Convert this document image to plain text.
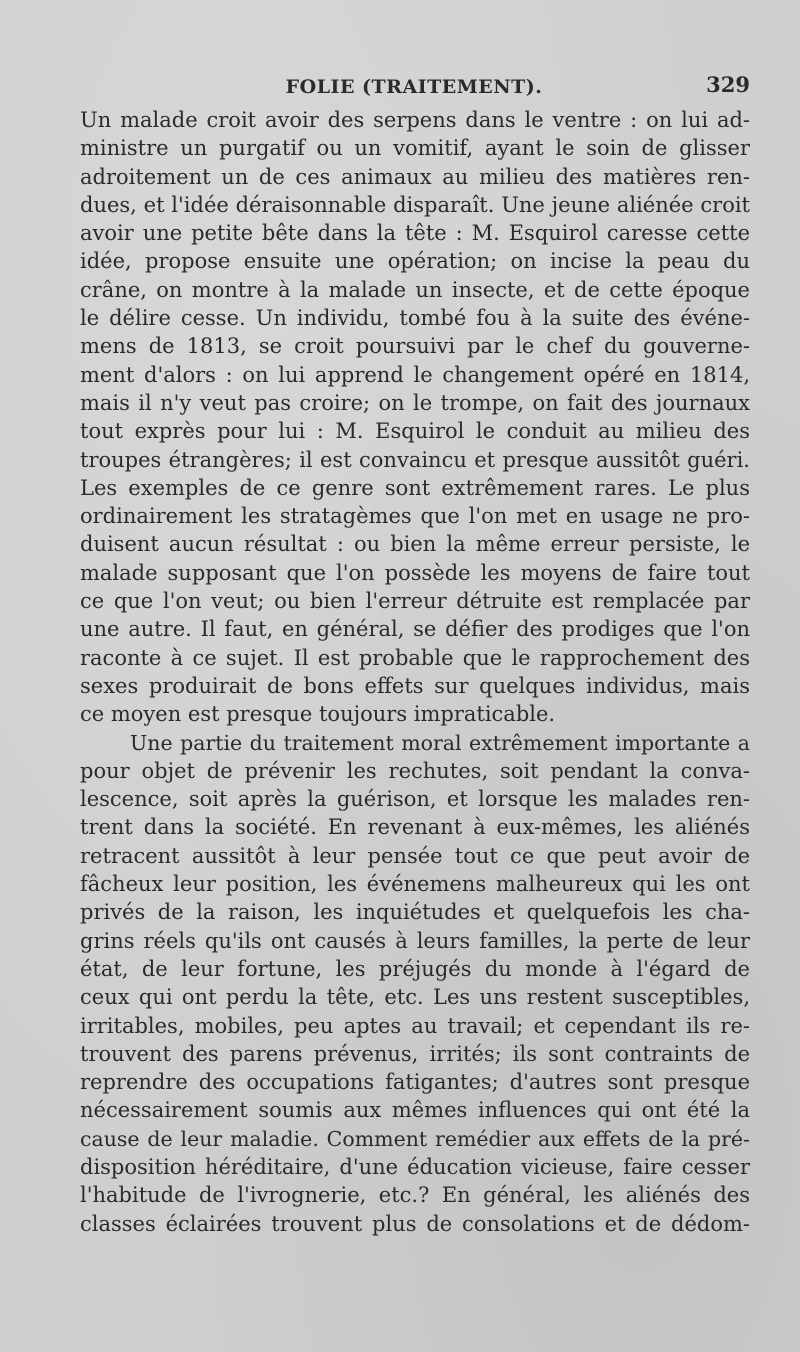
FOLIE (TRAITEMENT).	329
Un malade croit avoir des serpens dans le ventre : on lui ad-
ministre un purgatif ou un vomitif, ayant le soin de glisser
adroitement un de ces animaux au milieu des matières ren-
dues, et l'idée déraisonnable disparaît. Une jeune aliénée croit
avoir une petite bête dans la tête : M. Esquirol caresse cette
idée, propose ensuite une opération; on incise la peau du
crâne, on montre à la malade un insecte, et de cette époque
le délire cesse. Un individu, tombé fou à la suite des événe-
mens de 1813, se croit poursuivi par le chef du gouverne-
ment d'alors : on lui apprend le changement opéré en 1814,
mais il n'y veut pas croire; on le trompe, on fait des journaux
tout exprès pour lui : M. Esquirol le conduit au milieu des
troupes étrangères; il est convaincu et presque aussitôt guéri.
Les exemples de ce genre sont extrêmement rares. Le plus
ordinairement les stratagèmes que l'on met en usage ne pro-
duisent aucun résultat : ou bien la même erreur persiste, le
malade supposant que l'on possède les moyens de faire tout
ce que l'on veut; ou bien l'erreur détruite est remplacée par
une autre. Il faut, en général, se défier des prodiges que l'on
raconte à ce sujet. Il est probable que le rapprochement des
sexes produirait de bons effets sur quelques individus, mais
ce moyen est presque toujours impraticable.
Une partie du traitement moral extrêmement importante a
pour objet de prévenir les rechutes, soit pendant la conva-
lescence, soit après la guérison, et lorsque les malades ren-
trent dans la société. En revenant à eux-mêmes, les aliénés
retracent aussitôt à leur pensée tout ce que peut avoir de
fâcheux leur position, les événemens malheureux qui les ont
privés de la raison, les inquiétudes et quelquefois les cha-
grins réels qu'ils ont causés à leurs familles, la perte de leur
état, de leur fortune, les préjugés du monde à l'égard de
ceux qui ont perdu la tête, etc. Les uns restent susceptibles,
irritables, mobiles, peu aptes au travail; et cependant ils re-
trouvent des parens prévenus, irrités; ils sont contraints de
reprendre des occupations fatigantes; d'autres sont presque
nécessairement soumis aux mêmes influences qui ont été la
cause de leur maladie. Comment remédier aux effets de la pré-
disposition héréditaire, d'une éducation vicieuse, faire cesser
l'habitude de l'ivrognerie, etc.? En général, les aliénés des
classes éclairées trouvent plus de consolations et de dédom-
